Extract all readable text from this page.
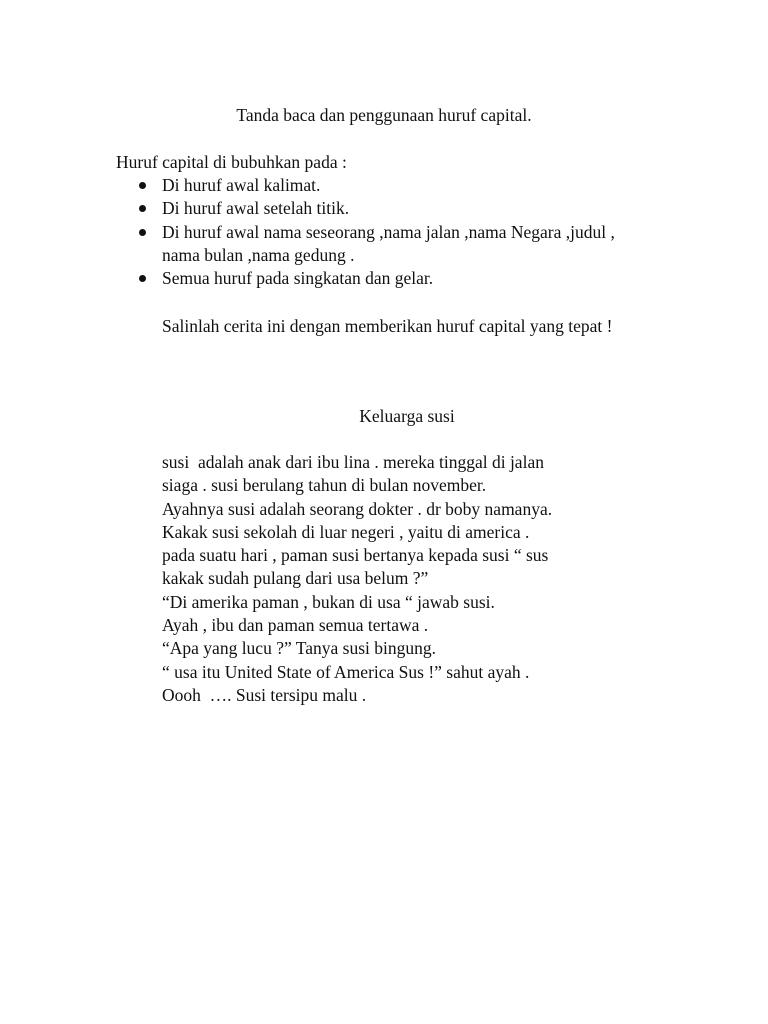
Tanda baca dan penggunaan huruf capital.
Huruf capital di bubuhkan pada :
Di huruf awal kalimat.
Di huruf awal setelah titik.
Di huruf awal nama seseorang ,nama jalan ,nama Negara ,judul , nama bulan ,nama gedung .
Semua huruf pada singkatan dan gelar.
Salinlah cerita ini dengan memberikan huruf capital yang tepat !
Keluarga susi
susi  adalah anak dari ibu lina . mereka tinggal di jalan
siaga . susi berulang tahun di bulan november.
Ayahnya susi adalah seorang dokter . dr boby namanya.
Kakak susi sekolah di luar negeri , yaitu di america .
pada suatu hari , paman susi bertanya kepada susi “ sus
kakak sudah pulang dari usa belum ?”
“Di amerika paman , bukan di usa “ jawab susi.
Ayah , ibu dan paman semua tertawa .
“Apa yang lucu ?” Tanya susi bingung.
“ usa itu United State of America Sus !” sahut ayah .
Oooh  …. Susi tersipu malu .
